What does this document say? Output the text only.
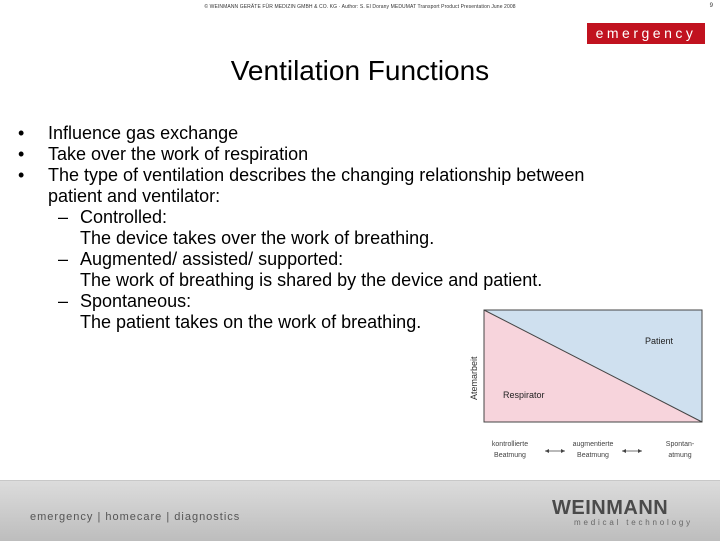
© WEINMANN GERÄTE FÜR MEDIZIN GMBH & CO. KG · Author: S. El Dorany MEDUMAT Transport Product Presentation June 2008	9
emergency
Ventilation Functions
• Influence gas exchange
• Take over the work of respiration
• The type of ventilation describes the changing relationship between
patient and ventilator:
– Controlled:
The device takes over the work of breathing.
– Augmented/ assisted/ supported:
The work of breathing is shared by the device and patient.
– Spontaneous:
The patient takes on the work of breathing.
Atemarbeit
Patient
Respirator
kontrollierte
Beatmung
augmentierte
Beatmung
Spontan-
atmung
emergency | homecare | diagnostics	WEINMANN
medical technology
